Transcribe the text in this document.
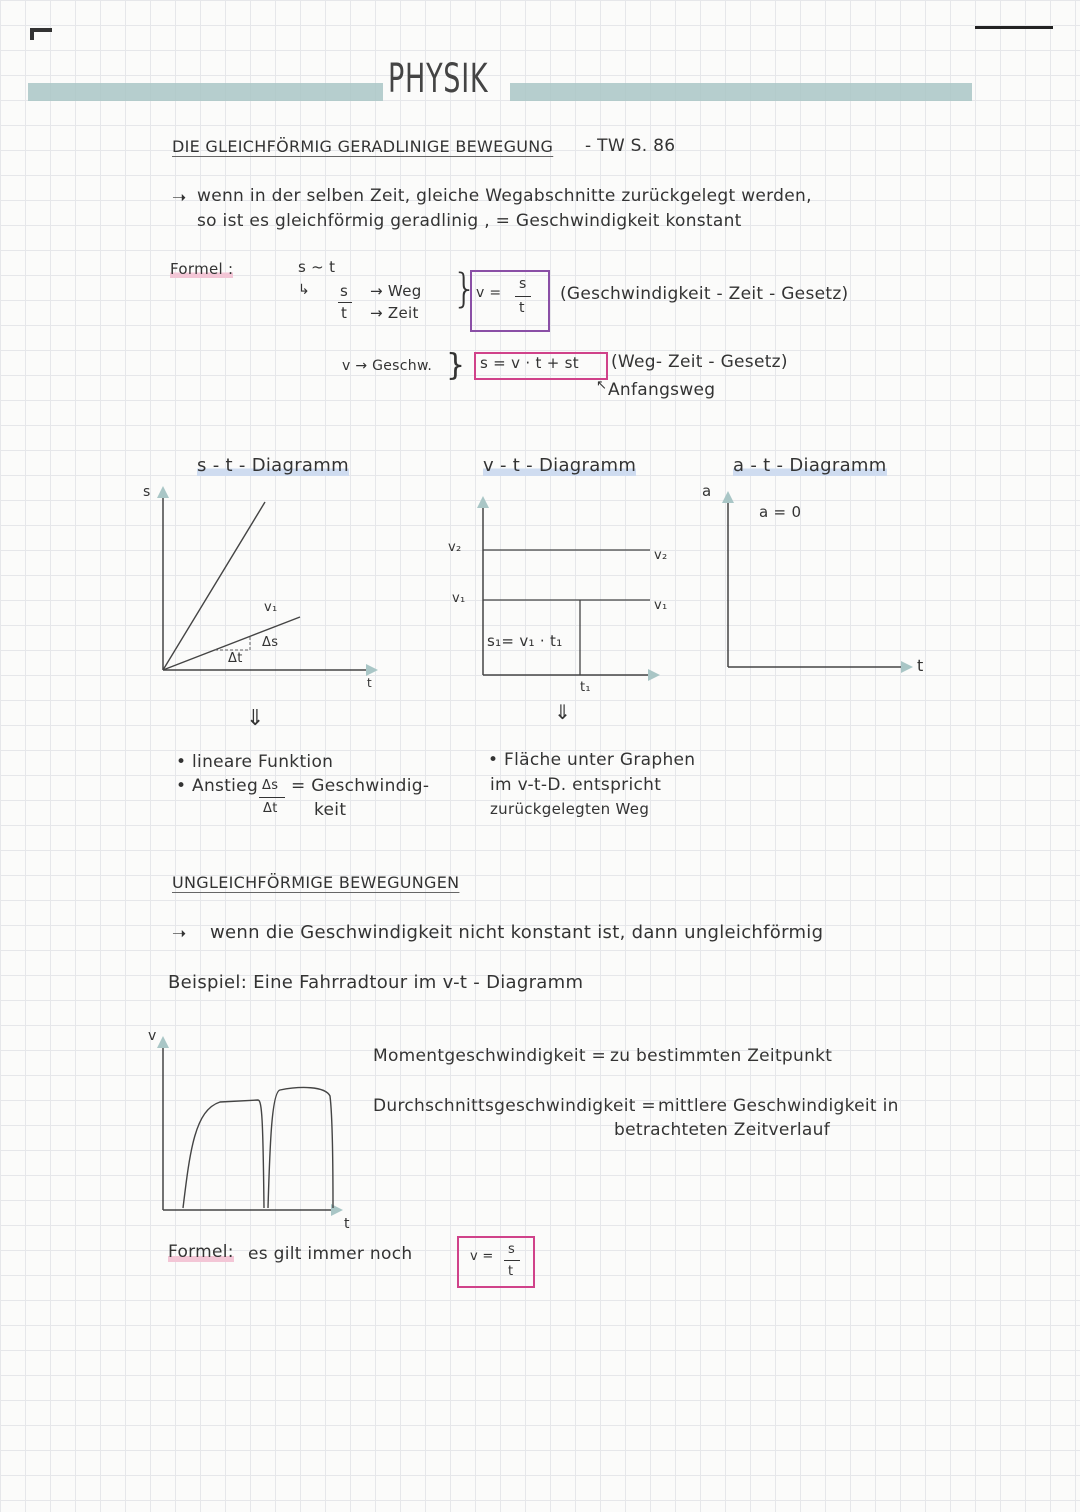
PHYSIK
DIE GLEICHFÖRMIG GERADLINIGE BEWEGUNG - TW S. 86
➝ wenn in der selben Zeit, gleiche Wegabschnitte zurückgelegt werden,
so ist es gleichförmig geradlinig , = Geschwindigkeit konstant
Formel :	s ~ t
↳ s
t
→ Weg
→ Zeit
}
v =
s
t
(Geschwindigkeit - Zeit - Gesetz)
v → Geschw. } s = v · t + st (Weg- Zeit - Gesetz)
↖ Anfangsweg
s - t - Diagramm
s
t
v₁
Δs
Δt
⇓
• lineare Funktion
• Anstieg Δs
Δt
= Geschwindig-
keit
v - t - Diagramm
v₂
v₁
v₂
v₁
s₁= v₁ · t₁
t₁
⇓
• Fläche unter Graphen
im v-t-D. entspricht
zurückgelegten Weg
a - t - Diagramm
a
a = 0
t
UNGLEICHFÖRMIGE BEWEGUNGEN
➝ wenn die Geschwindigkeit nicht konstant ist, dann ungleichförmig
Beispiel: Eine Fahrradtour im v-t - Diagramm
v
t
Momentgeschwindigkeit = zu bestimmten Zeitpunkt
Durchschnittsgeschwindigkeit = mittlere Geschwindigkeit in
betrachteten Zeitverlauf
Formel: es gilt immer noch	v = s
t
